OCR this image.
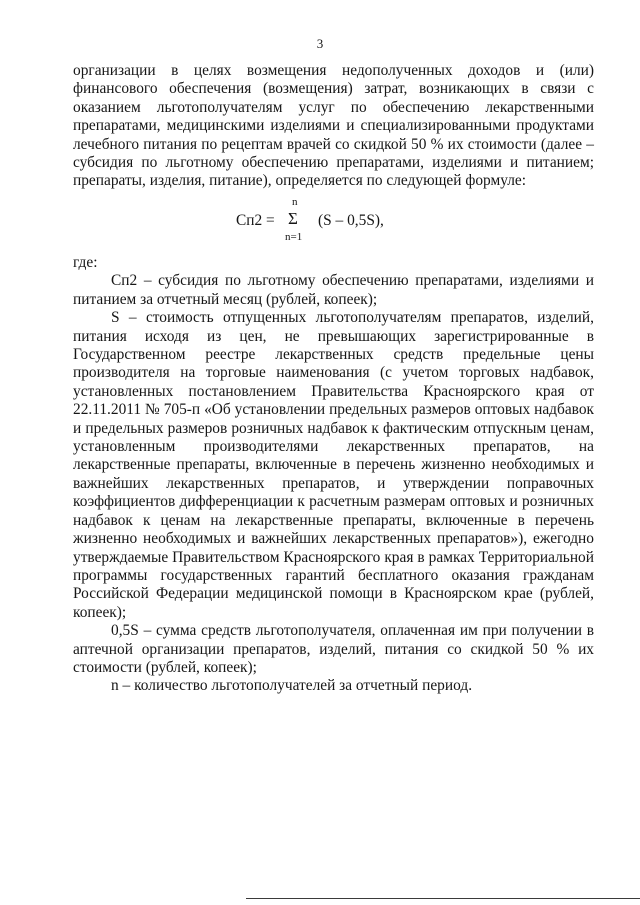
3

организации в целях возмещения недополученных доходов и (или) финансового обеспечения (возмещения) затрат, возникающих в связи с оказанием льготополучателям услуг по обеспечению лекарственными препаратами, медицинскими изделиями и специализированными продуктами лечебного питания по рецептам врачей со скидкой 50 % их стоимости (далее – субсидия по льготному обеспечению препаратами, изделиями и питанием; препараты, изделия, питание), определяется по следующей формуле:

Сп2 =
n
Σ
n=1
(S – 0,5S),

где:

Сп2 – субсидия по льготному обеспечению препаратами, изделиями и питанием за отчетный месяц (рублей, копеек);

S – стоимость отпущенных льготополучателям препаратов, изделий, питания исходя из цен, не превышающих зарегистрированные в Государственном реестре лекарственных средств предельные цены производителя на торговые наименования (с учетом торговых надбавок, установленных постановлением Правительства Красноярского края от 22.11.2011 № 705-п «Об установлении предельных размеров оптовых надбавок и предельных размеров розничных надбавок к фактическим отпускным ценам, установленным производителями лекарственных препаратов, на лекарственные препараты, включенные в перечень жизненно необходимых и важнейших лекарственных препаратов, и утверждении поправочных коэффициентов дифференциации к расчетным размерам оптовых и розничных надбавок к ценам на лекарственные препараты, включенные в перечень жизненно необходимых и важнейших лекарственных препаратов»), ежегодно утверждаемые Правительством Красноярского края в рамках Территориальной программы государственных гарантий бесплатного оказания гражданам Российской Федерации медицинской помощи в Красноярском крае (рублей, копеек);

0,5S – сумма средств льготополучателя, оплаченная им при получении в аптечной организации препаратов, изделий, питания со скидкой 50 % их стоимости (рублей, копеек);

n – количество льготополучателей за отчетный период.
